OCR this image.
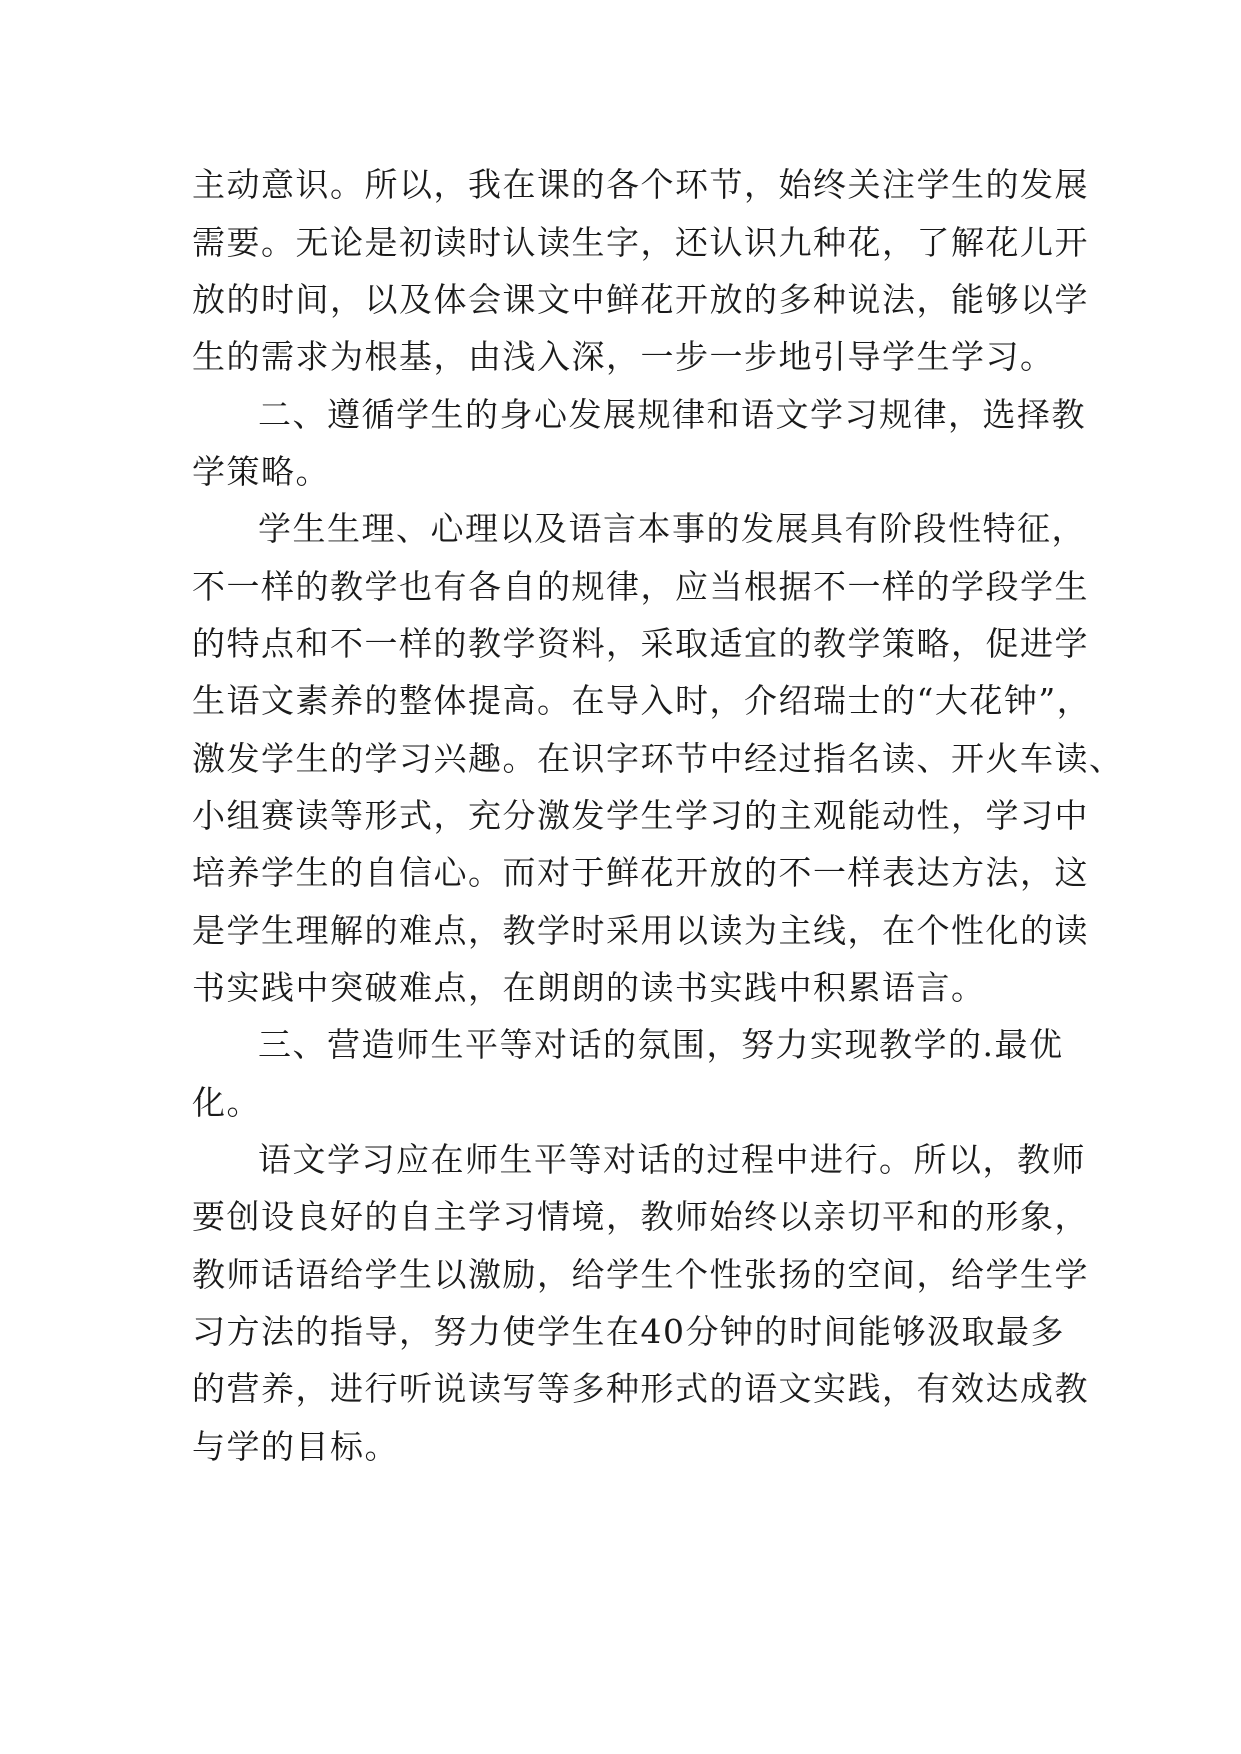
主动意识。所以，我在课的各个环节，始终关注学生的发展
需要。无论是初读时认读生字，还认识九种花，了解花儿开
放的时间，以及体会课文中鲜花开放的多种说法，能够以学
生的需求为根基，由浅入深，一步一步地引导学生学习。
二、遵循学生的身心发展规律和语文学习规律，选择教
学策略。
学生生理、心理以及语言本事的发展具有阶段性特征，
不一样的教学也有各自的规律，应当根据不一样的学段学生
的特点和不一样的教学资料，采取适宜的教学策略，促进学
生语文素养的整体提高。在导入时，介绍瑞士的“大花钟”，
激发学生的学习兴趣。在识字环节中经过指名读、开火车读、
小组赛读等形式，充分激发学生学习的主观能动性，学习中
培养学生的自信心。而对于鲜花开放的不一样表达方法，这
是学生理解的难点，教学时采用以读为主线，在个性化的读
书实践中突破难点，在朗朗的读书实践中积累语言。
三、营造师生平等对话的氛围，努力实现教学的.最优
化。
语文学习应在师生平等对话的过程中进行。所以，教师
要创设良好的自主学习情境，教师始终以亲切平和的形象，
教师话语给学生以激励，给学生个性张扬的空间，给学生学
习方法的指导，努力使学生在40分钟的时间能够汲取最多
的营养，进行听说读写等多种形式的语文实践，有效达成教
与学的目标。
